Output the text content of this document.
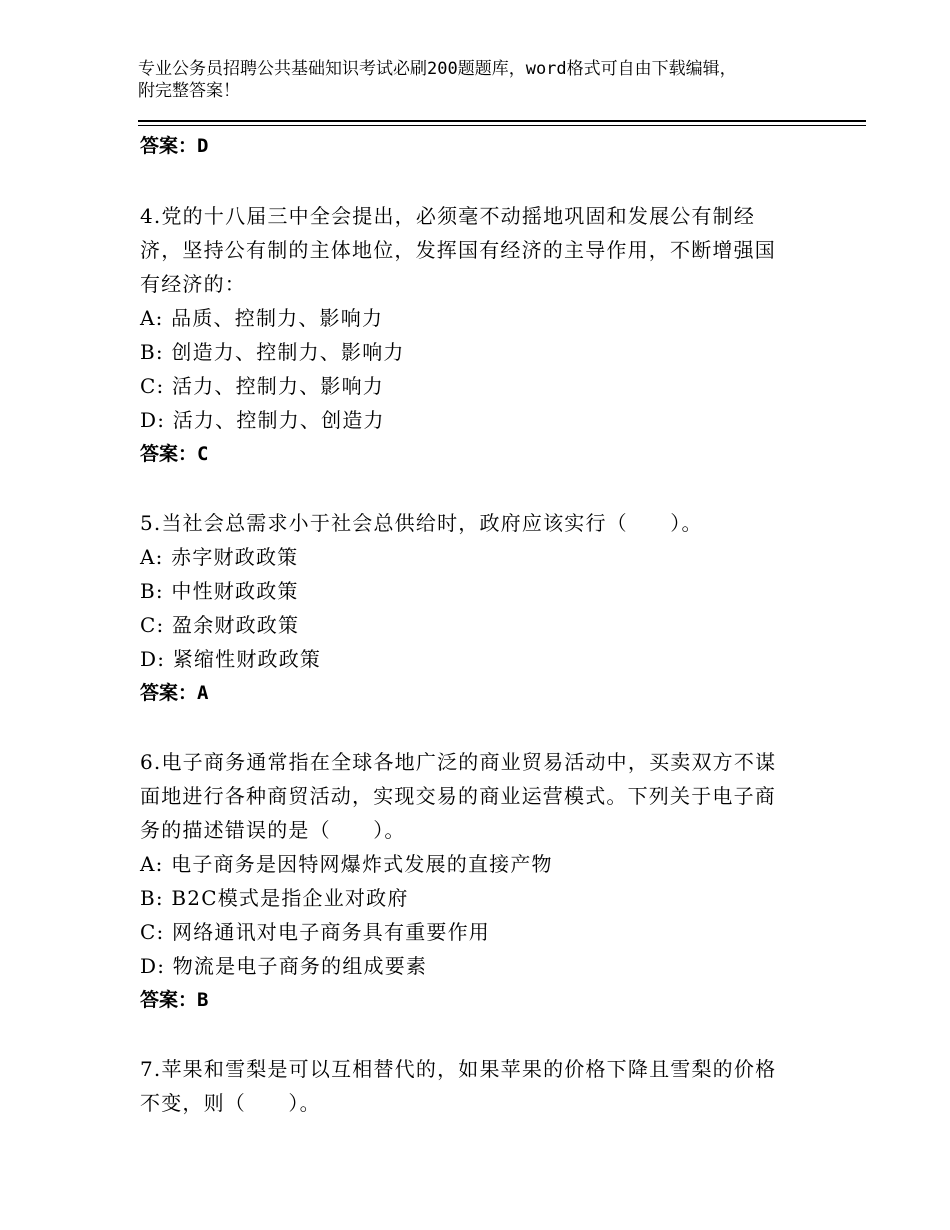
专业公务员招聘公共基础知识考试必刷200题题库，word格式可自由下载编辑，
附完整答案！
答案：D
4.党的十八届三中全会提出，必须毫不动摇地巩固和发展公有制经
济，坚持公有制的主体地位，发挥国有经济的主导作用，不断增强国
有经济的：
A: 品质、控制力、影响力
B: 创造力、控制力、影响力
C: 活力、控制力、影响力
D: 活力、控制力、创造力
答案：C
5.当社会总需求小于社会总供给时，政府应该实行（　　）。
A: 赤字财政政策
B: 中性财政政策
C: 盈余财政政策
D: 紧缩性财政政策
答案：A
6.电子商务通常指在全球各地广泛的商业贸易活动中，买卖双方不谋
面地进行各种商贸活动，实现交易的商业运营模式。下列关于电子商
务的描述错误的是（　　）。
A: 电子商务是因特网爆炸式发展的直接产物
B: B2C模式是指企业对政府
C: 网络通讯对电子商务具有重要作用
D: 物流是电子商务的组成要素
答案：B
7.苹果和雪梨是可以互相替代的，如果苹果的价格下降且雪梨的价格
不变，则（　　）。
